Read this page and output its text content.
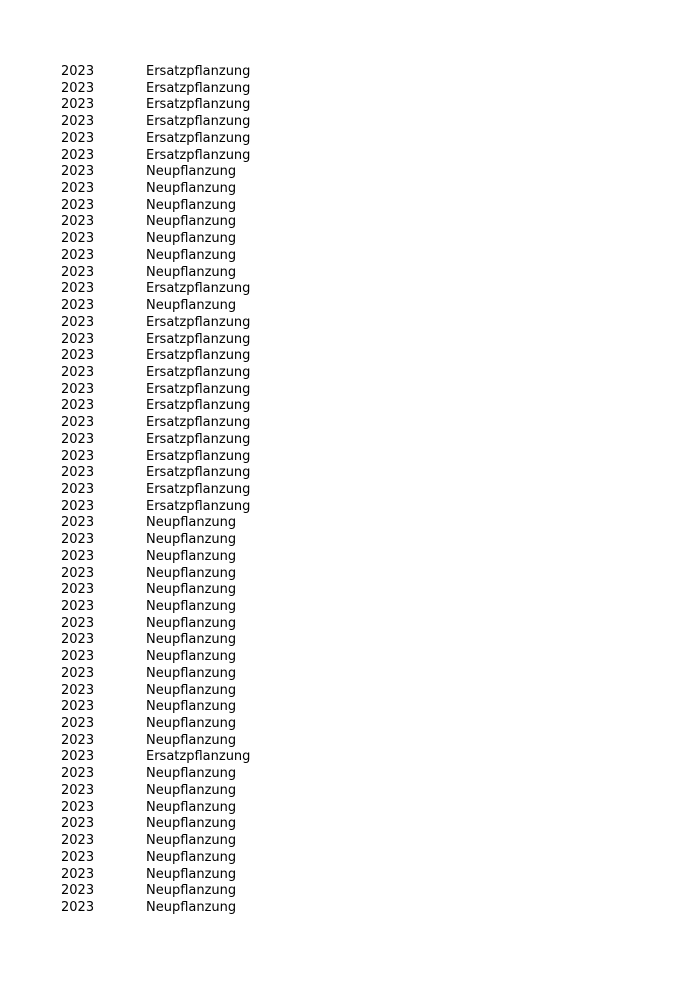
2023	Ersatzpflanzung
2023	Ersatzpflanzung
2023	Ersatzpflanzung
2023	Ersatzpflanzung
2023	Ersatzpflanzung
2023	Ersatzpflanzung
2023	Neupflanzung
2023	Neupflanzung
2023	Neupflanzung
2023	Neupflanzung
2023	Neupflanzung
2023	Neupflanzung
2023	Neupflanzung
2023	Ersatzpflanzung
2023	Neupflanzung
2023	Ersatzpflanzung
2023	Ersatzpflanzung
2023	Ersatzpflanzung
2023	Ersatzpflanzung
2023	Ersatzpflanzung
2023	Ersatzpflanzung
2023	Ersatzpflanzung
2023	Ersatzpflanzung
2023	Ersatzpflanzung
2023	Ersatzpflanzung
2023	Ersatzpflanzung
2023	Ersatzpflanzung
2023	Neupflanzung
2023	Neupflanzung
2023	Neupflanzung
2023	Neupflanzung
2023	Neupflanzung
2023	Neupflanzung
2023	Neupflanzung
2023	Neupflanzung
2023	Neupflanzung
2023	Neupflanzung
2023	Neupflanzung
2023	Neupflanzung
2023	Neupflanzung
2023	Neupflanzung
2023	Ersatzpflanzung
2023	Neupflanzung
2023	Neupflanzung
2023	Neupflanzung
2023	Neupflanzung
2023	Neupflanzung
2023	Neupflanzung
2023	Neupflanzung
2023	Neupflanzung
2023	Neupflanzung
